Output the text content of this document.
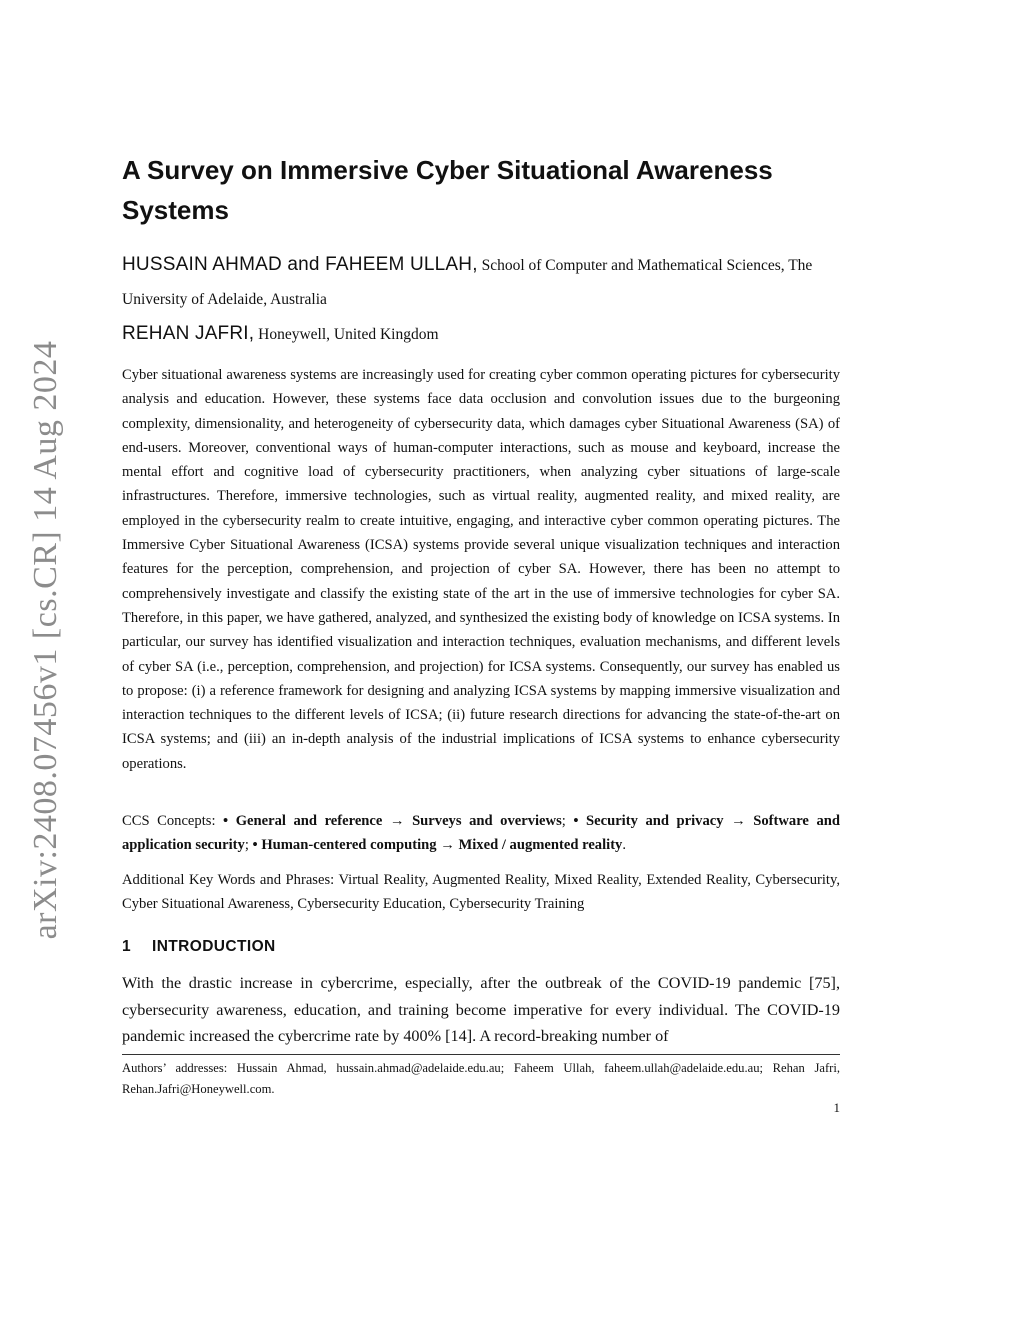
arXiv:2408.07456v1 [cs.CR] 14 Aug 2024
A Survey on Immersive Cyber Situational Awareness Systems
HUSSAIN AHMAD and FAHEEM ULLAH, School of Computer and Mathematical Sciences, The University of Adelaide, Australia
REHAN JAFRI, Honeywell, United Kingdom

Cyber situational awareness systems are increasingly used for creating cyber common operating pictures for cybersecurity analysis and education. However, these systems face data occlusion and convolution issues due to the burgeoning complexity, dimensionality, and heterogeneity of cybersecurity data, which damages cyber Situational Awareness (SA) of end-users. Moreover, conventional ways of human-computer interactions, such as mouse and keyboard, increase the mental effort and cognitive load of cybersecurity practitioners, when analyzing cyber situations of large-scale infrastructures. Therefore, immersive technologies, such as virtual reality, augmented reality, and mixed reality, are employed in the cybersecurity realm to create intuitive, engaging, and interactive cyber common operating pictures. The Immersive Cyber Situational Awareness (ICSA) systems provide several unique visualization techniques and interaction features for the perception, comprehension, and projection of cyber SA. However, there has been no attempt to comprehensively investigate and classify the existing state of the art in the use of immersive technologies for cyber SA. Therefore, in this paper, we have gathered, analyzed, and synthesized the existing body of knowledge on ICSA systems. In particular, our survey has identified visualization and interaction techniques, evaluation mechanisms, and different levels of cyber SA (i.e., perception, comprehension, and projection) for ICSA systems. Consequently, our survey has enabled us to propose: (i) a reference framework for designing and analyzing ICSA systems by mapping immersive visualization and interaction techniques to the different levels of ICSA; (ii) future research directions for advancing the state-of-the-art on ICSA systems; and (iii) an in-depth analysis of the industrial implications of ICSA systems to enhance cybersecurity operations.

CCS Concepts: • General and reference → Surveys and overviews; • Security and privacy → Software and application security; • Human-centered computing → Mixed / augmented reality.

Additional Key Words and Phrases: Virtual Reality, Augmented Reality, Mixed Reality, Extended Reality, Cybersecurity, Cyber Situational Awareness, Cybersecurity Education, Cybersecurity Training

1 INTRODUCTION

With the drastic increase in cybercrime, especially, after the outbreak of the COVID-19 pandemic [75], cybersecurity awareness, education, and training become imperative for every individual. The COVID-19 pandemic increased the cybercrime rate by 400% [14]. A record-breaking number of

Authors’ addresses: Hussain Ahmad, hussain.ahmad@adelaide.edu.au; Faheem Ullah, faheem.ullah@adelaide.edu.au; Rehan Jafri, Rehan.Jafri@Honeywell.com.

1
